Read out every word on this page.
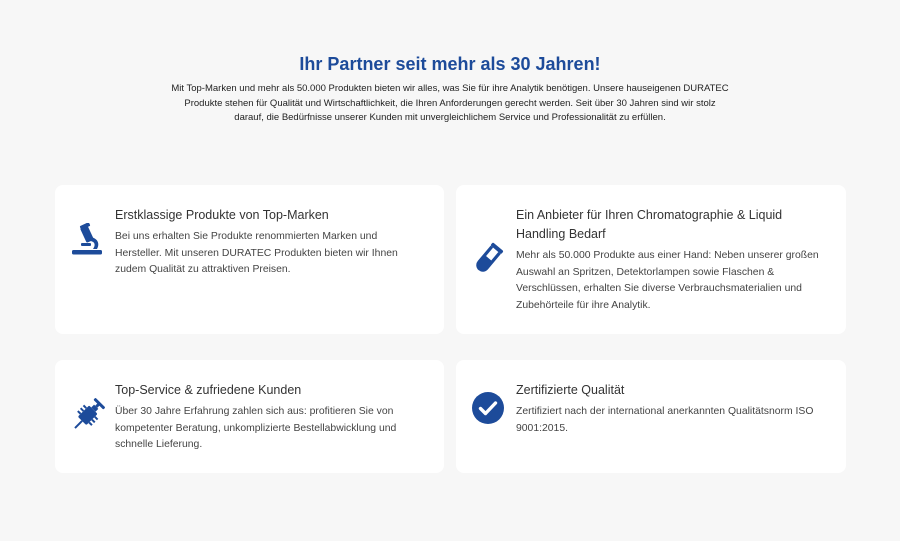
Ihr Partner seit mehr als 30 Jahren!

Mit Top-Marken und mehr als 50.000 Produkten bieten wir alles, was Sie für ihre Analytik benötigen. Unsere hauseigenen DURATEC Produkte stehen für Qualität und Wirtschaftlichkeit, die Ihren Anforderungen gerecht werden. Seit über 30 Jahren sind wir stolz darauf, die Bedürfnisse unserer Kunden mit unvergleichlichem Service und Professionalität zu erfüllen.

Erstklassige Produkte von Top-Marken

Bei uns erhalten Sie Produkte renommierten Marken und Hersteller. Mit unseren DURATEC Produkten bieten wir Ihnen zudem Qualität zu attraktiven Preisen.

Ein Anbieter für Ihren Chromatographie & Liquid Handling Bedarf

Mehr als 50.000 Produkte aus einer Hand: Neben unserer großen Auswahl an Spritzen, Detektorlampen sowie Flaschen & Verschlüssen, erhalten Sie diverse Verbrauchsmaterialien und Zubehörteile für ihre Analytik.

Top-Service & zufriedene Kunden

Über 30 Jahre Erfahrung zahlen sich aus: profitieren Sie von kompetenter Beratung, unkomplizierte Bestellabwicklung und schnelle Lieferung.

Zertifizierte Qualität

Zertifiziert nach der international anerkannten Qualitätsnorm ISO 9001:2015.
